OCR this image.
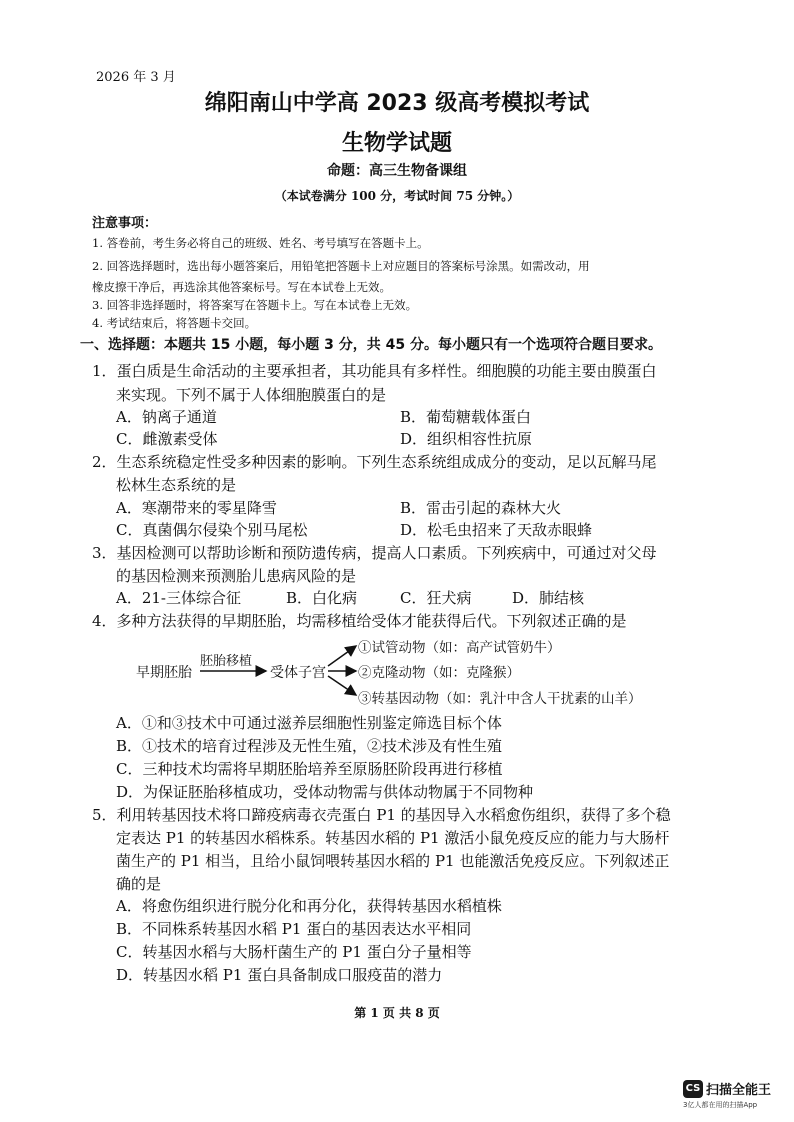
2026 年 3 月
绵阳南山中学高 2023 级高考模拟考试
生物学试题
命题：高三生物备课组
（本试卷满分 100 分，考试时间 75 分钟。）
注意事项：
1. 答卷前，考生务必将自己的班级、姓名、考号填写在答题卡上。
2. 回答选择题时，选出每小题答案后，用铅笔把答题卡上对应题目的答案标号涂黑。如需改动，用
橡皮擦干净后，再选涂其他答案标号。写在本试卷上无效。
3. 回答非选择题时，将答案写在答题卡上。写在本试卷上无效。
4. 考试结束后，将答题卡交回。
一、选择题：本题共 15 小题，每小题 3 分，共 45 分。每小题只有一个选项符合题目要求。
1．蛋白质是生命活动的主要承担者，其功能具有多样性。细胞膜的功能主要由膜蛋白
来实现。下列不属于人体细胞膜蛋白的是
A．钠离子通道	B．葡萄糖载体蛋白
C．雌激素受体	D．组织相容性抗原
2．生态系统稳定性受多种因素的影响。下列生态系统组成成分的变动，足以瓦解马尾
松林生态系统的是
A．寒潮带来的零星降雪	B．雷击引起的森林大火
C．真菌偶尔侵染个别马尾松	D．松毛虫招来了天敌赤眼蜂
3．基因检测可以帮助诊断和预防遗传病，提高人口素质。下列疾病中，可通过对父母
的基因检测来预测胎儿患病风险的是
A．21-三体综合征	B．白化病	C．狂犬病	D．肺结核
4．多种方法获得的早期胚胎，均需移植给受体才能获得后代。下列叙述正确的是
早期胚胎
胚胎移植
受体子宫
①试管动物（如：高产试管奶牛）
②克隆动物（如：克隆猴）
③转基因动物（如：乳汁中含人干扰素的山羊）
A．①和③技术中可通过滋养层细胞性别鉴定筛选目标个体
B．①技术的培育过程涉及无性生殖，②技术涉及有性生殖
C．三种技术均需将早期胚胎培养至原肠胚阶段再进行移植
D．为保证胚胎移植成功，受体动物需与供体动物属于不同物种
5．利用转基因技术将口蹄疫病毒衣壳蛋白 P1 的基因导入水稻愈伤组织，获得了多个稳
定表达 P1 的转基因水稻株系。转基因水稻的 P1 激活小鼠免疫反应的能力与大肠杆
菌生产的 P1 相当，且给小鼠饲喂转基因水稻的 P1 也能激活免疫反应。下列叙述正
确的是
A．将愈伤组织进行脱分化和再分化，获得转基因水稻植株
B．不同株系转基因水稻 P1 蛋白的基因表达水平相同
C．转基因水稻与大肠杆菌生产的 P1 蛋白分子量相等
D．转基因水稻 P1 蛋白具备制成口服疫苗的潜力
第 1 页 共 8 页
CS 扫描全能王
3亿人都在用的扫描App
